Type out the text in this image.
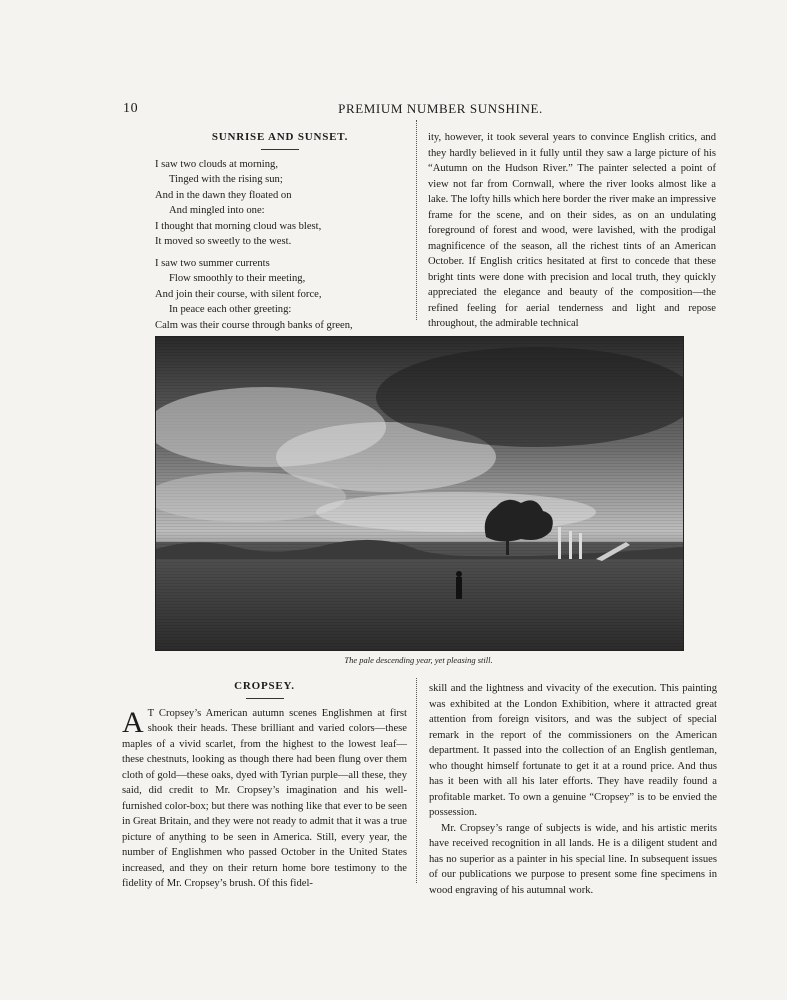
10	PREMIUM NUMBER SUNSHINE.
SUNRISE AND SUNSET.
I saw two clouds at morning,
Tinged with the rising sun;
And in the dawn they floated on
And mingled into one:
I thought that morning cloud was blest,
It moved so sweetly to the west.
I saw two summer currents
Flow smoothly to their meeting,
And join their course, with silent force,
In peace each other greeting:
Calm was their course through banks of green,

ity, however, it took several years to convince English critics, and they hardly believed in it fully until they saw a large picture of his “Autumn on the Hudson River.” The painter selected a point of view not far from Cornwall, where the river looks almost like a lake. The lofty hills which here border the river make an impressive frame for the scene, and on their sides, as on an undulating foreground of forest and wood, were lavished, with the prodigal magnificence of the season, all the richest tints of an American October. If English critics hesitated at first to concede that these bright tints were done with precision and local truth, they quickly appreciated the elegance and beauty of the composition—the refined feeling for aerial tenderness and light and repose throughout, the admirable technical

The pale descending year, yet pleasing still.
CROPSEY.

A T Cropsey’s American autumn scenes Englishmen at first shook their heads. These brilliant and varied colors—these maples of a vivid scarlet, from the highest to the lowest leaf—these chestnuts, looking as though there had been flung over them cloth of gold—these oaks, dyed with Tyrian purple—all these, they said, did credit to Mr. Cropsey’s imagination and his well-furnished color-box; but there was nothing like that ever to be seen in Great Britain, and they were not ready to admit that it was a true picture of anything to be seen in America. Still, every year, the number of Englishmen who passed October in the United States increased, and they on their return home bore testimony to the fidelity of Mr. Cropsey’s brush. Of this fidel-

skill and the lightness and vivacity of the execution. This painting was exhibited at the London Exhibition, where it attracted great attention from foreign visitors, and was the subject of special remark in the report of the commissioners on the American department. It passed into the collection of an English gentleman, who thought himself fortunate to get it at a round price. And thus has it been with all his later efforts. They have readily found a profitable market. To own a genuine “Cropsey” is to be envied the possession.

Mr. Cropsey’s range of subjects is wide, and his artistic merits have received recognition in all lands. He is a diligent student and has no superior as a painter in his special line. In subsequent issues of our publications we purpose to present some fine specimens in wood engraving of his autumnal work.
